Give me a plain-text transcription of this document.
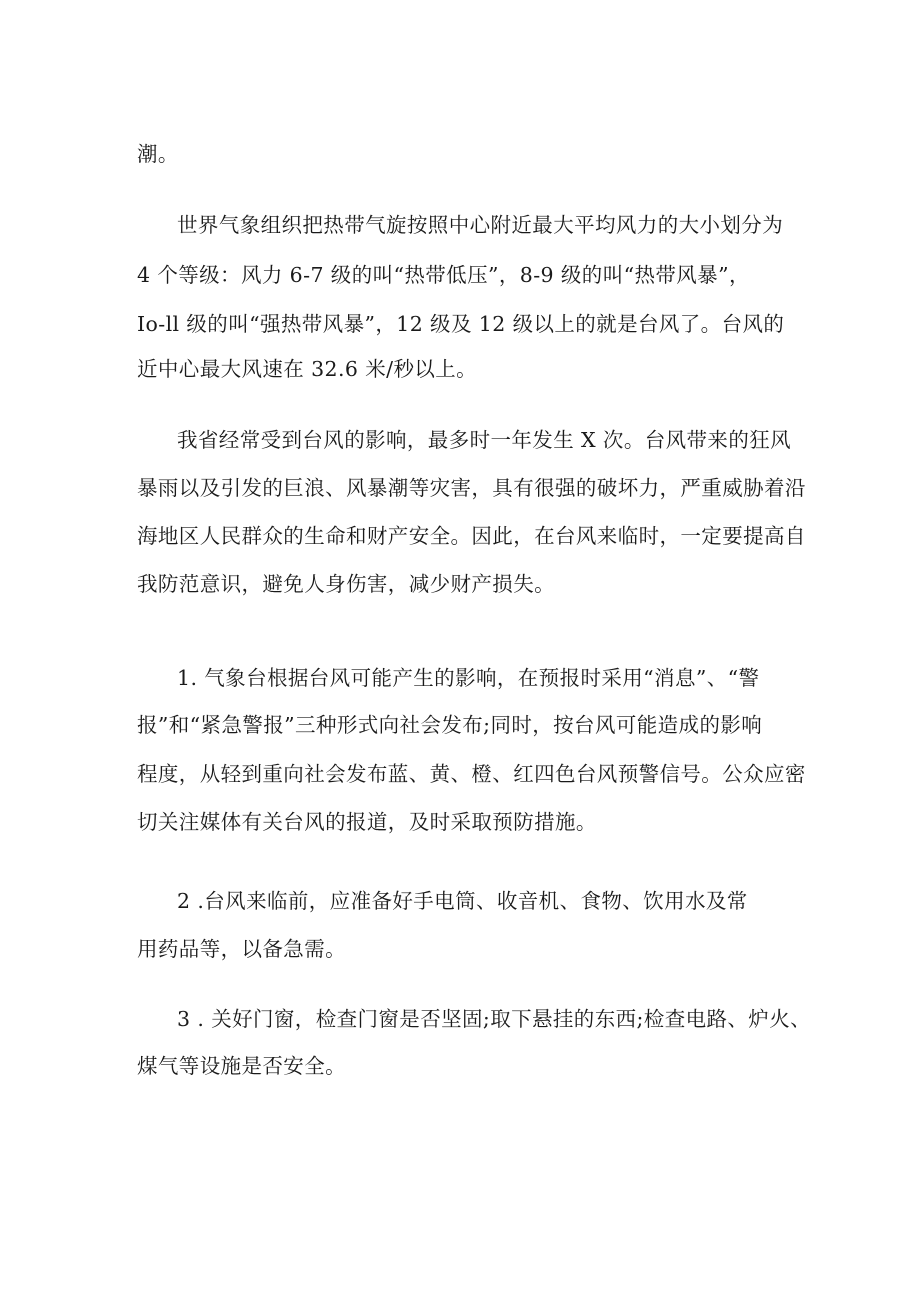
潮。

世界气象组织把热带气旋按照中心附近最大平均风力的大小划分为

4 个等级：风力 6-7 级的叫“热带低压”，8-9 级的叫“热带风暴”，

Io-ll 级的叫“强热带风暴”，12 级及 12 级以上的就是台风了。台风的

近中心最大风速在 32.6 米/秒以上。

我省经常受到台风的影响，最多时一年发生 X 次。台风带来的狂风

暴雨以及引发的巨浪、风暴潮等灾害，具有很强的破坏力，严重威胁着沿

海地区人民群众的生命和财产安全。因此，在台风来临时，一定要提高自

我防范意识，避免人身伤害，减少财产损失。

1. 气象台根据台风可能产生的影响，在预报时采用“消息”、“警

报”和“紧急警报”三种形式向社会发布;同时，按台风可能造成的影响

程度，从轻到重向社会发布蓝、黄、橙、红四色台风预警信号。公众应密

切关注媒体有关台风的报道，及时采取预防措施。

2 .台风来临前，应准备好手电筒、收音机、食物、饮用水及常

用药品等，以备急需。

3 . 关好门窗，检查门窗是否坚固;取下悬挂的东西;检查电路、炉火、

煤气等设施是否安全。
